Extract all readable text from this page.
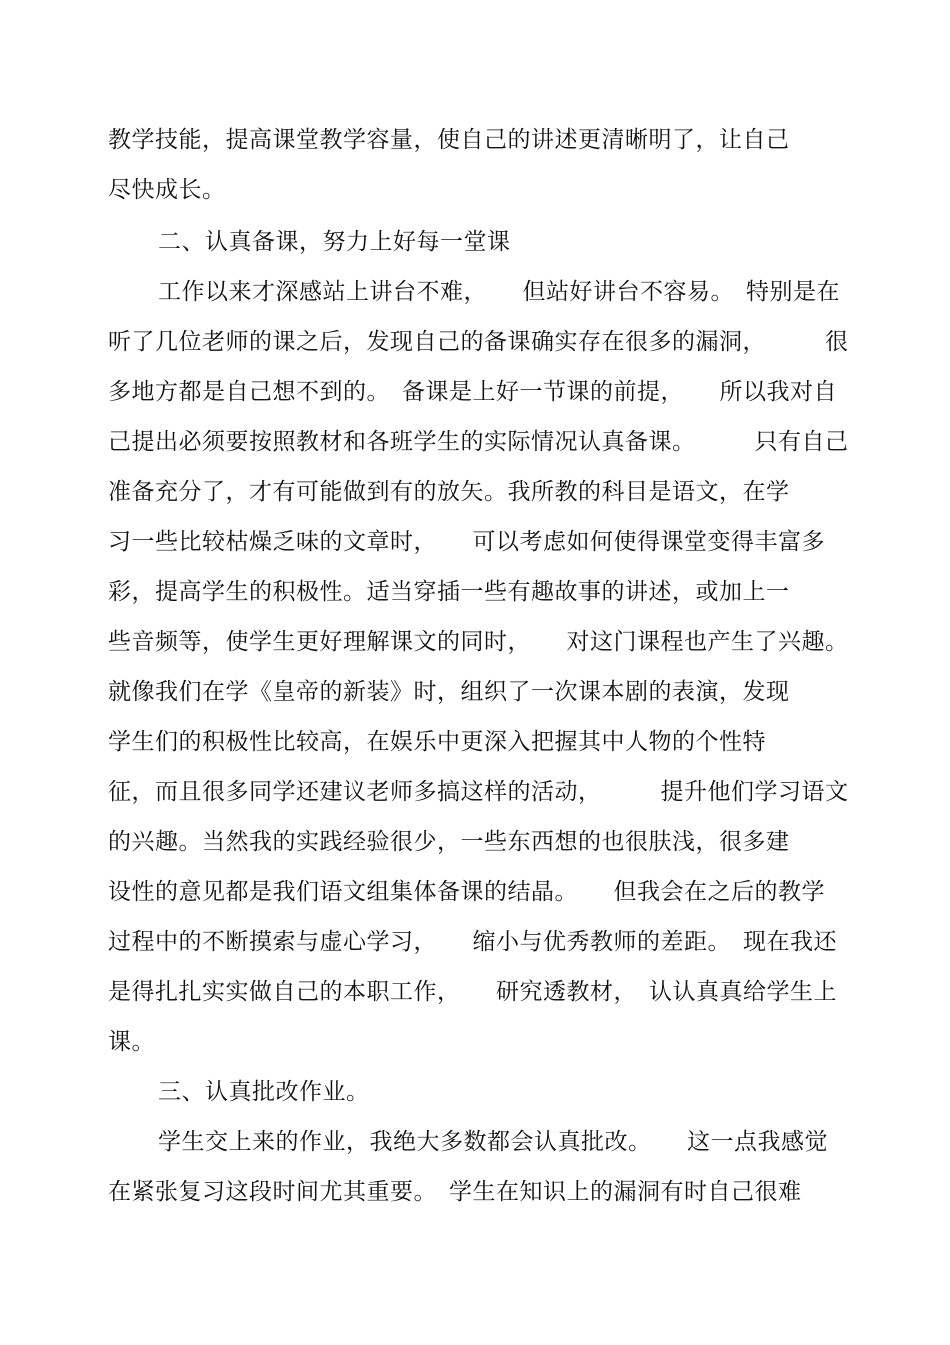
教学技能，提高课堂教学容量，使自己的讲述更清晰明了，让自己
尽快成长。
二、认真备课，努力上好每一堂课
工作以来才深感站上讲台不难，　　但站好讲台不容易。　特别是在
听了几位老师的课之后，发现自己的备课确实存在很多的漏洞，　　　很
多地方都是自己想不到的。　备课是上好一节课的前提，　　所以我对自
己提出必须要按照教材和各班学生的实际情况认真备课。　　　只有自己
准备充分了，才有可能做到有的放矢。我所教的科目是语文，在学
习一些比较枯燥乏味的文章时，　　可以考虑如何使得课堂变得丰富多
彩，提高学生的积极性。适当穿插一些有趣故事的讲述，或加上一
些音频等，使学生更好理解课文的同时，　　对这门课程也产生了兴趣。
就像我们在学《皇帝的新装》时，组织了一次课本剧的表演，发现
学生们的积极性比较高，在娱乐中更深入把握其中人物的个性特
征，而且很多同学还建议老师多搞这样的活动，　　　提升他们学习语文
的兴趣。当然我的实践经验很少，一些东西想的也很肤浅，很多建
设性的意见都是我们语文组集体备课的结晶。　　但我会在之后的教学
过程中的不断摸索与虚心学习，　　缩小与优秀教师的差距。　现在我还
是得扎扎实实做自己的本职工作，　　研究透教材，　认认真真给学生上
课。
三、认真批改作业。
学生交上来的作业，我绝大多数都会认真批改。　　这一点我感觉
在紧张复习这段时间尤其重要。　学生在知识上的漏洞有时自己很难
